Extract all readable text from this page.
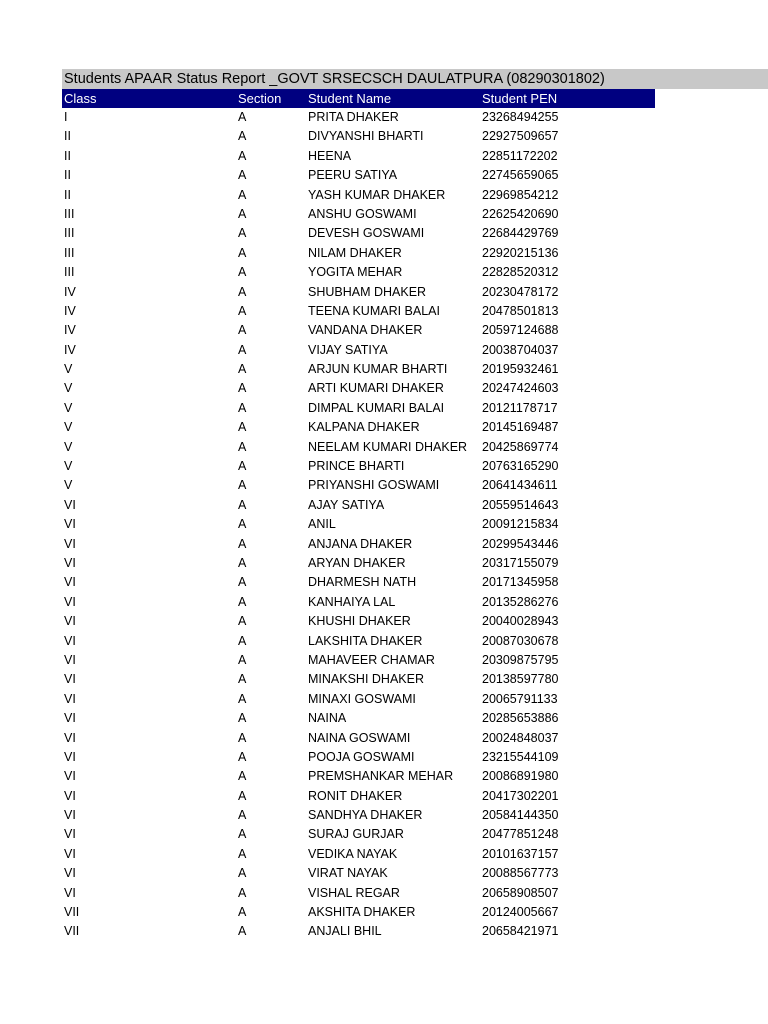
Students APAAR Status Report _GOVT SRSECSCH DAULATPURA (08290301802)
Class	Section	Student Name	Student PEN
I	A	PRITA DHAKER	23268494255
II	A	DIVYANSHI BHARTI	22927509657
II	A	HEENA	22851172202
II	A	PEERU SATIYA	22745659065
II	A	YASH KUMAR DHAKER	22969854212
III	A	ANSHU GOSWAMI	22625420690
III	A	DEVESH GOSWAMI	22684429769
III	A	NILAM DHAKER	22920215136
III	A	YOGITA MEHAR	22828520312
IV	A	SHUBHAM DHAKER	20230478172
IV	A	TEENA KUMARI BALAI	20478501813
IV	A	VANDANA DHAKER	20597124688
IV	A	VIJAY SATIYA	20038704037
V	A	ARJUN KUMAR BHARTI	20195932461
V	A	ARTI KUMARI DHAKER	20247424603
V	A	DIMPAL KUMARI BALAI	20121178717
V	A	KALPANA DHAKER	20145169487
V	A	NEELAM KUMARI DHAKER	20425869774
V	A	PRINCE BHARTI	20763165290
V	A	PRIYANSHI GOSWAMI	20641434611
VI	A	AJAY SATIYA	20559514643
VI	A	ANIL	20091215834
VI	A	ANJANA DHAKER	20299543446
VI	A	ARYAN DHAKER	20317155079
VI	A	DHARMESH NATH	20171345958
VI	A	KANHAIYA LAL	20135286276
VI	A	KHUSHI DHAKER	20040028943
VI	A	LAKSHITA DHAKER	20087030678
VI	A	MAHAVEER CHAMAR	20309875795
VI	A	MINAKSHI DHAKER	20138597780
VI	A	MINAXI GOSWAMI	20065791133
VI	A	NAINA	20285653886
VI	A	NAINA GOSWAMI	20024848037
VI	A	POOJA GOSWAMI	23215544109
VI	A	PREMSHANKAR MEHAR	20086891980
VI	A	RONIT DHAKER	20417302201
VI	A	SANDHYA DHAKER	20584144350
VI	A	SURAJ GURJAR	20477851248
VI	A	VEDIKA NAYAK	20101637157
VI	A	VIRAT NAYAK	20088567773
VI	A	VISHAL REGAR	20658908507
VII	A	AKSHITA DHAKER	20124005667
VII	A	ANJALI BHIL	20658421971
